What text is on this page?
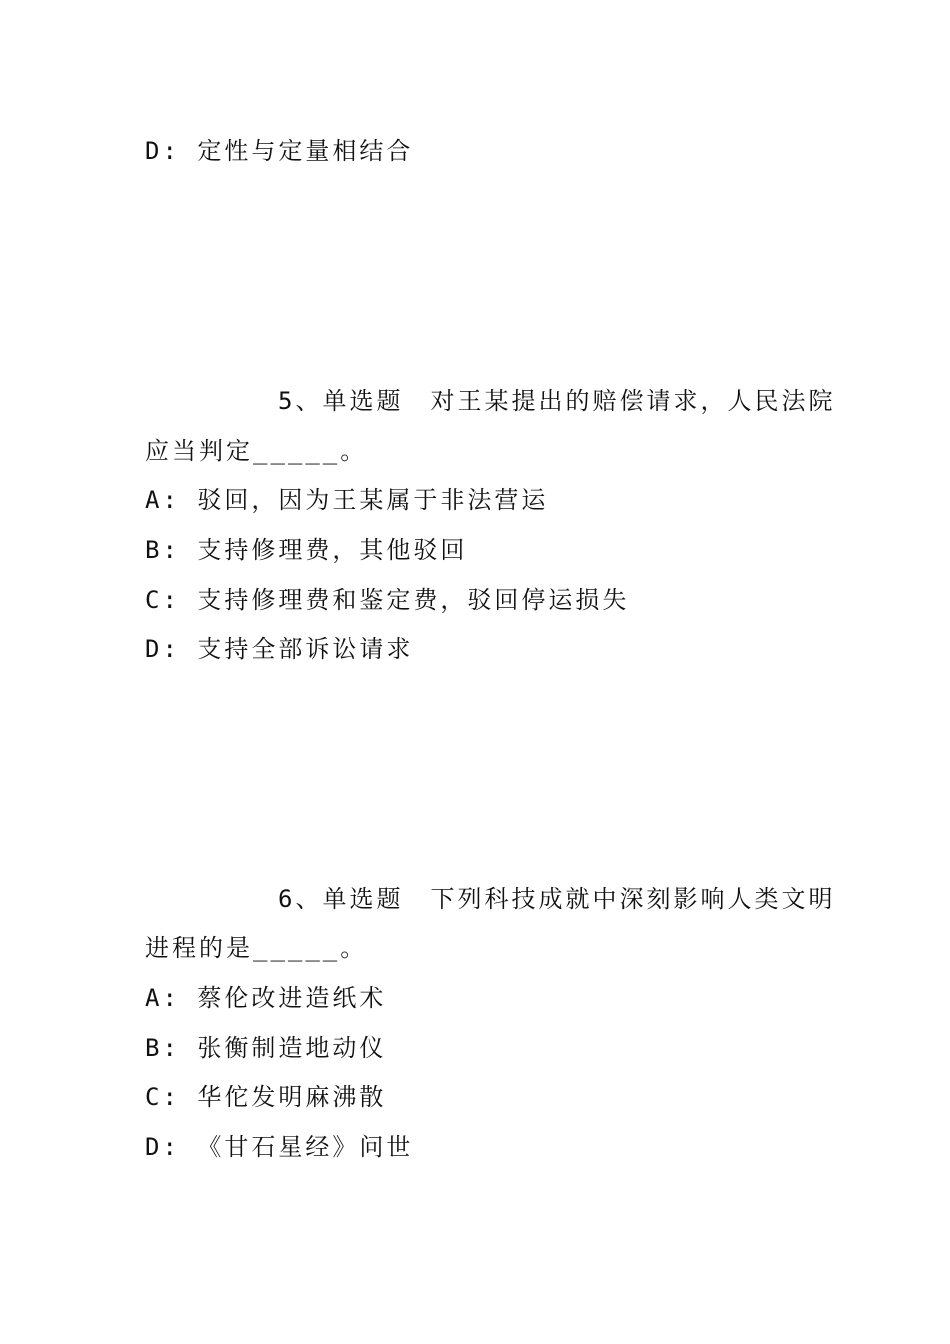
D: 定性与定量相结合
5、单选题　对王某提出的赔偿请求，人民法院
应当判定_____。
A: 驳回，因为王某属于非法营运
B: 支持修理费，其他驳回
C: 支持修理费和鉴定费，驳回停运损失
D: 支持全部诉讼请求
6、单选题　下列科技成就中深刻影响人类文明
进程的是_____。
A: 蔡伦改进造纸术
B: 张衡制造地动仪
C: 华佗发明麻沸散
D: 《甘石星经》问世
